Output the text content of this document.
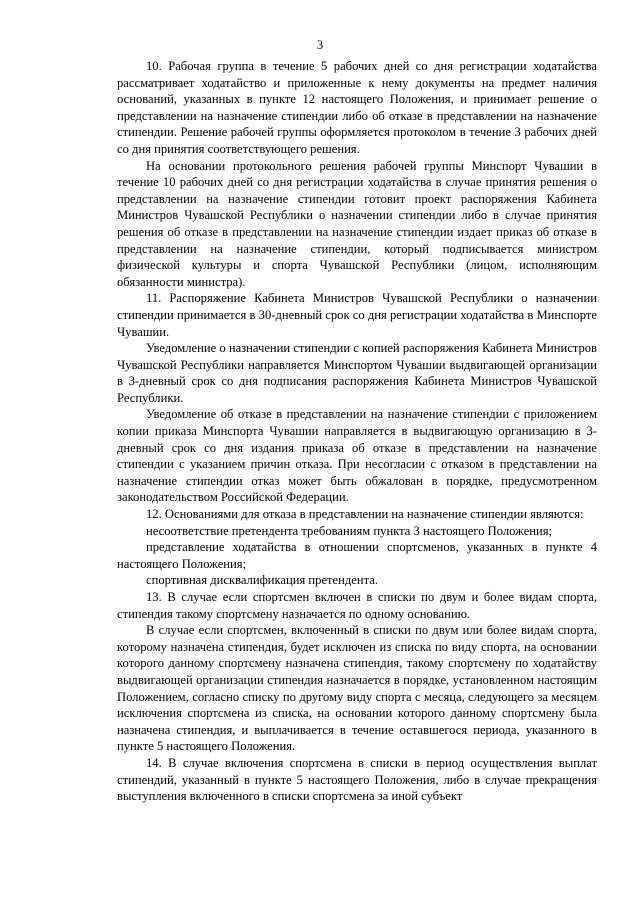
3

10. Рабочая группа в течение 5 рабочих дней со дня регистрации ходатайства рассматривает ходатайство и приложенные к нему документы на предмет наличия оснований, указанных в пункте 12 настоящего Положения, и принимает решение о представлении на назначение стипендии либо об отказе в представлении на назначение стипендии. Решение рабочей группы оформляется протоколом в течение 3 рабочих дней со дня принятия соответствующего решения.

На основании протокольного решения рабочей группы Минспорт Чувашии в течение 10 рабочих дней со дня регистрации ходатайства в случае принятия решения о представлении на назначение стипендии готовит проект распоряжения Кабинета Министров Чувашской Республики о назначении стипендии либо в случае принятия решения об отказе в представлении на назначение стипендии издает приказ об отказе в представлении на назначение стипендии, который подписывается министром физической культуры и спорта Чувашской Республики (лицом, исполняющим обязанности министра).

11. Распоряжение Кабинета Министров Чувашской Республики о назначении стипендии принимается в 30-дневный срок со дня регистрации ходатайства в Минспорте Чувашии.

Уведомление о назначении стипендии с копией распоряжения Кабинета Министров Чувашской Республики направляется Минспортом Чувашии выдвигающей организации в 3-дневный срок со дня подписания распоряжения Кабинета Министров Чувашской Республики.

Уведомление об отказе в представлении на назначение стипендии с приложением копии приказа Минспорта Чувашии направляется в выдвигающую организацию в 3-дневный срок со дня издания приказа об отказе в представлении на назначение стипендии с указанием причин отказа. При несогласии с отказом в представлении на назначение стипендии отказ может быть обжалован в порядке, предусмотренном законодательством Российской Федерации.

12. Основаниями для отказа в представлении на назначение стипендии являются:

несоответствие претендента требованиям пункта 3 настоящего Положения;

представление ходатайства в отношении спортсменов, указанных в пункте 4 настоящего Положения;

спортивная дисквалификация претендента.

13. В случае если спортсмен включен в списки по двум и более видам спорта, стипендия такому спортсмену назначается по одному основанию.

В случае если спортсмен, включенный в списки по двум или более видам спорта, которому назначена стипендия, будет исключен из списка по виду спорта, на основании которого данному спортсмену назначена стипендия, такому спортсмену по ходатайству выдвигающей организации стипендия назначается в порядке, установленном настоящим Положением, согласно списку по другому виду спорта с месяца, следующего за месяцем исключения спортсмена из списка, на основании которого данному спортсмену была назначена стипендия, и выплачивается в течение оставшегося периода, указанного в пункте 5 настоящего Положения.

14. В случае включения спортсмена в списки в период осуществления выплат стипендий, указанный в пункте 5 настоящего Положения, либо в случае прекращения выступления включенного в списки спортсмена за иной субъект
